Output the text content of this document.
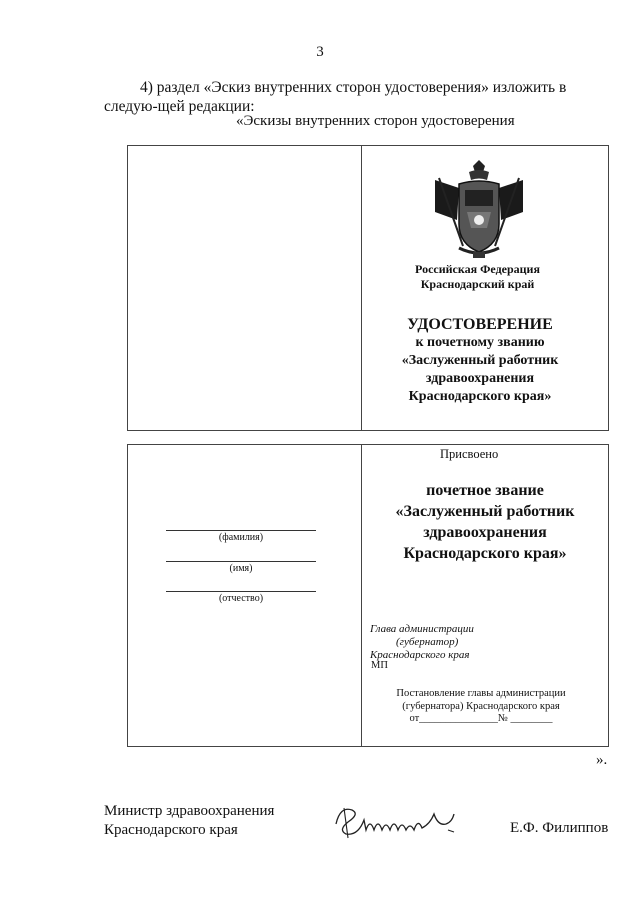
3
4) раздел «Эскиз внутренних сторон удостоверения» изложить в следую-щей редакции:
«Эскизы внутренних сторон удостоверения
Российская Федерация
Краснодарский край
УДОСТОВЕРЕНИЕ
к почетному званию
«Заслуженный работник
здравоохранения
Краснодарского края»
(фамилия)
(имя)
(отчество)
Присвоено
почетное звание
«Заслуженный работник
здравоохранения
Краснодарского края»
Глава администрации
(губернатор)
Краснодарского края
МП
Постановление главы администрации
(губернатора) Краснодарского края
от_______________№ ________
».
Министр здравоохранения
Краснодарского края	Е.Ф. Филиппов
